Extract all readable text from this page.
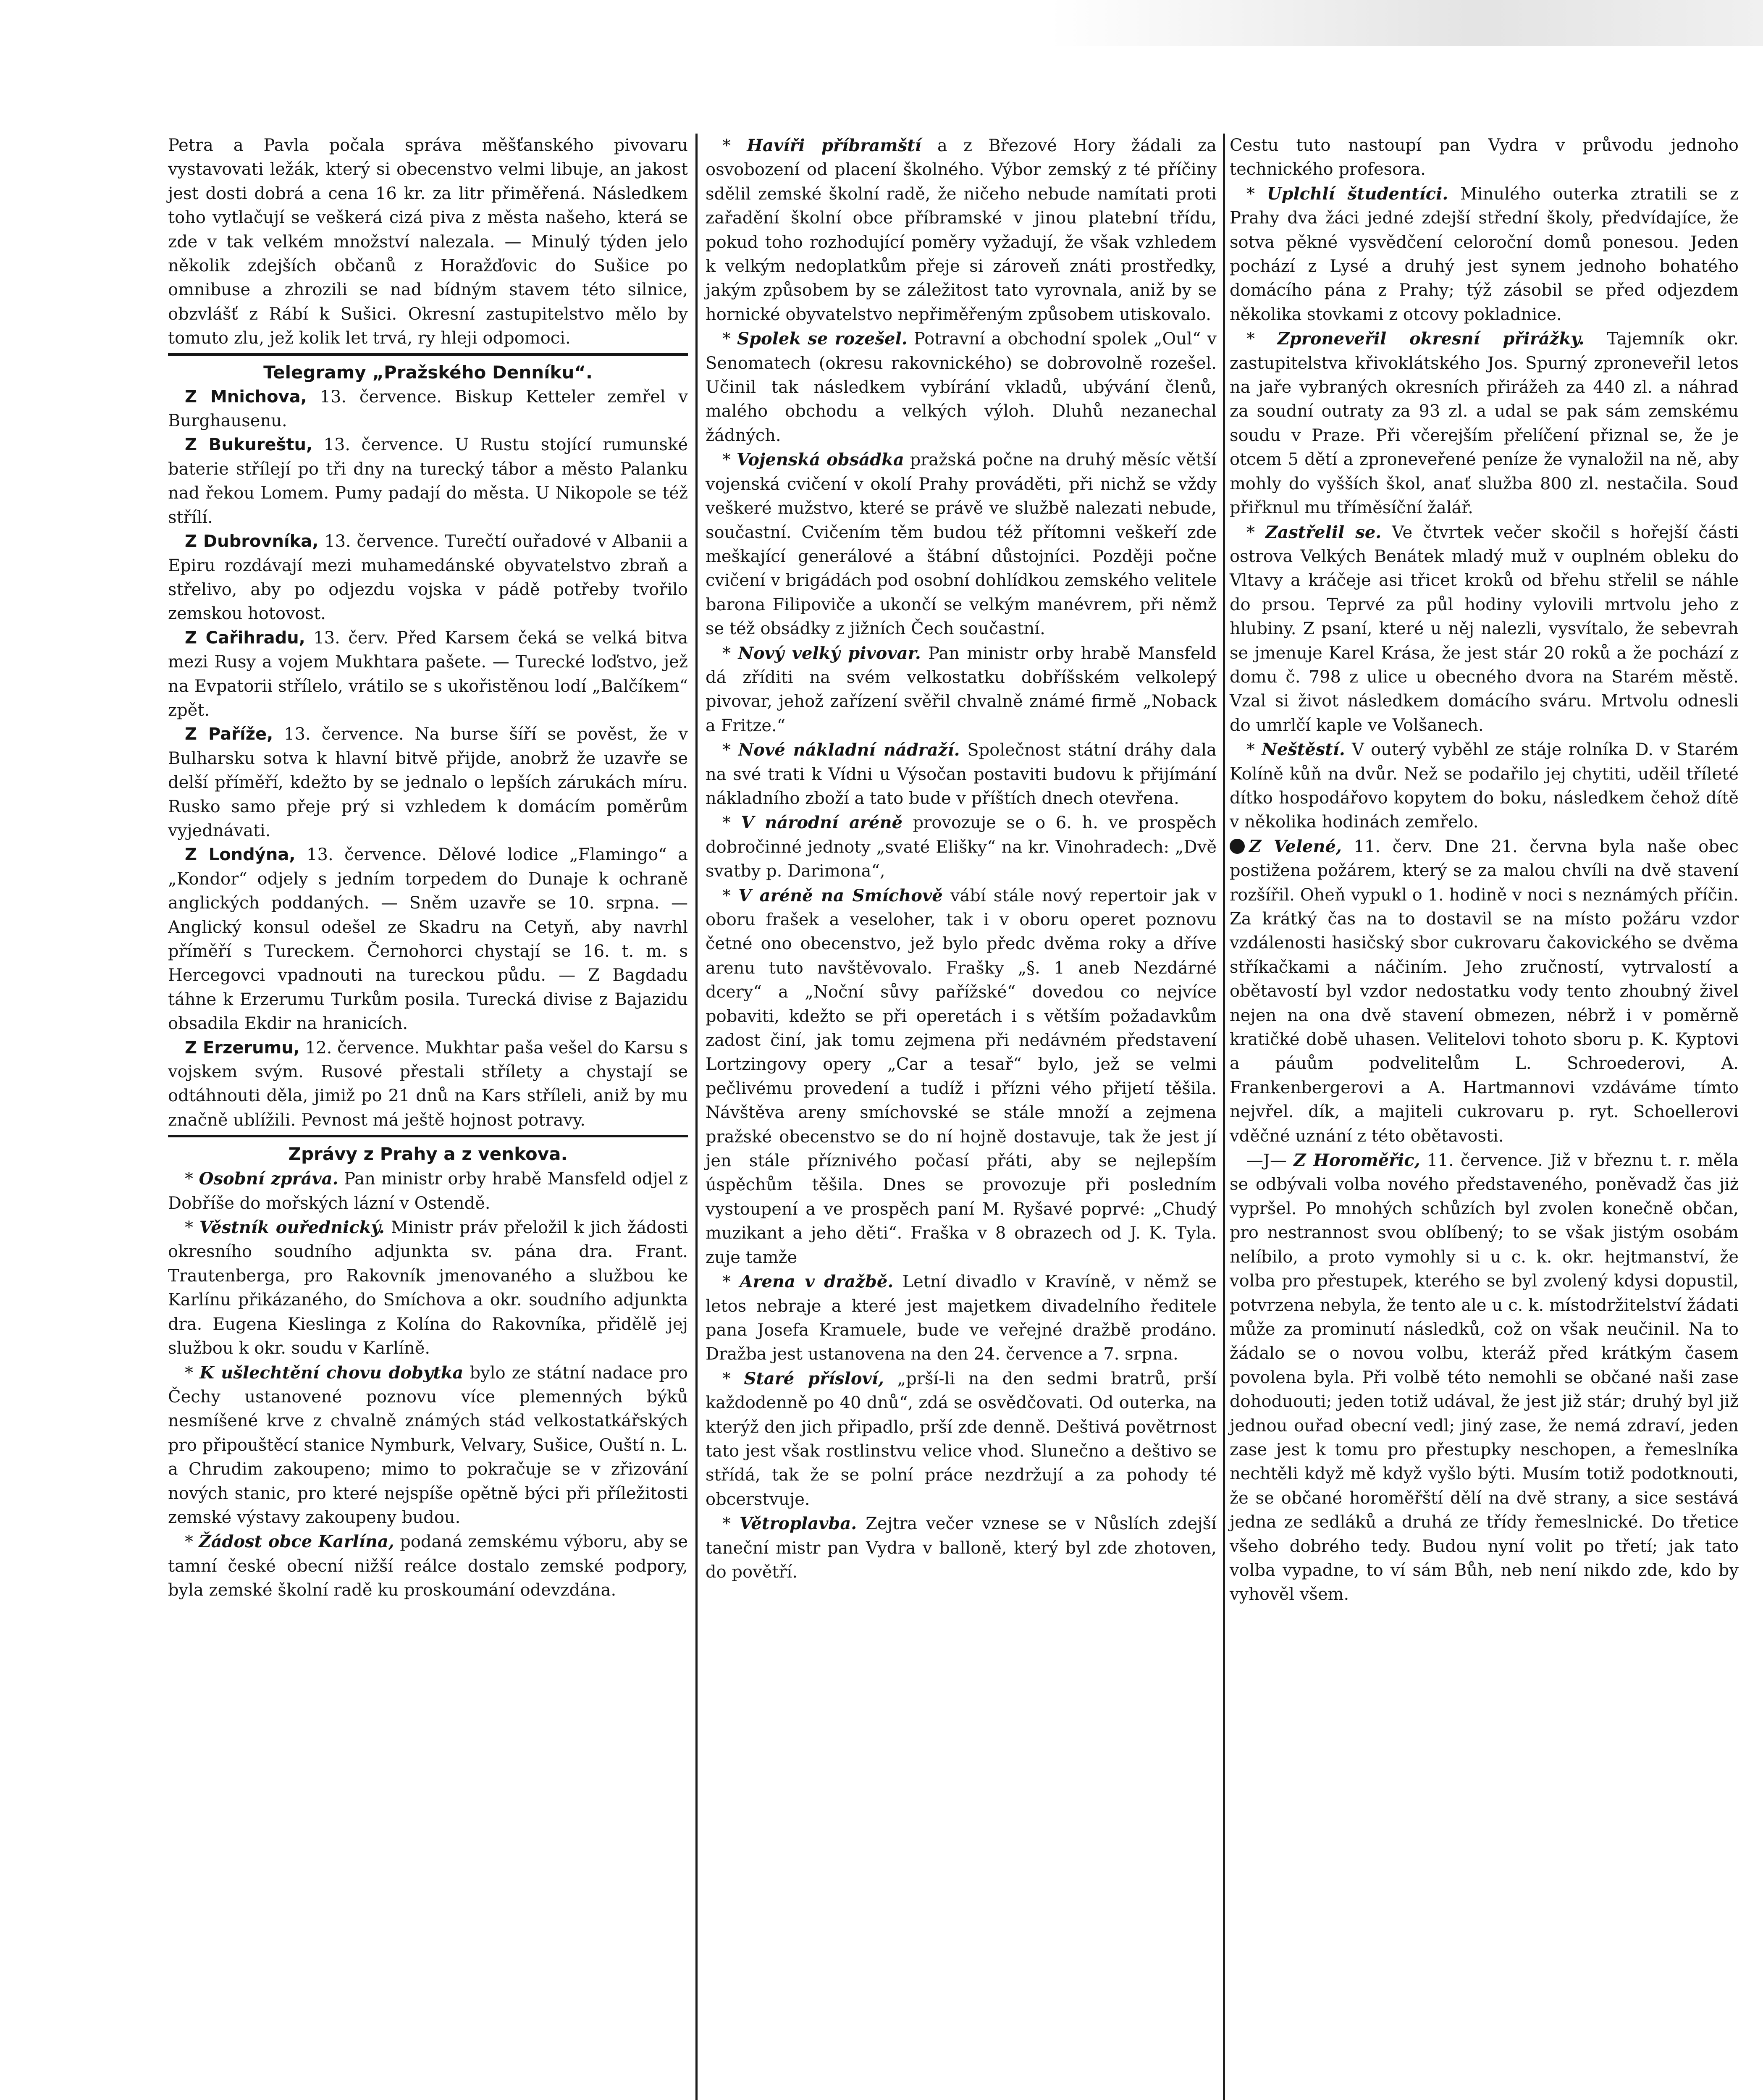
Petra a Pavla počala správa měšťanského pivovaru vystavovati ležák, který si obecenstvo velmi libuje, an jakost jest dosti dobrá a cena 16 kr. za litr přiměřená. Následkem toho vytlačují se veškerá cizá piva z města našeho, která se zde v tak velkém množství nalezala. — Minulý týden jelo několik zdejších občanů z Horažďovic do Sušice po omnibuse a zhrozili se nad bídným stavem této silnice, obzvlášť z Rábí k Sušici. Okresní zastupitelstvo mělo by tomuto zlu, jež kolik let trvá, ry hleji odpomoci.

Telegramy „Pražského Denníku“.

 Z Mnichova, 13. července. Biskup Ketteler zemřel v Burghausenu.

 Z Bukureštu, 13. července. U Rustu stojící rumunské baterie střílejí po tři dny na turecký tábor a město Palanku nad řekou Lomem. Pumy padají do města. U Nikopole se též střílí.

 Z Dubrovníka, 13. července. Turečtí ouřadové v Albanii a Epiru rozdávají mezi muhamedánské obyvatelstvo zbraň a střelivo, aby po odjezdu vojska v pádě potřeby tvořilo zemskou hotovost.

 Z Cařihradu, 13. červ. Před Karsem čeká se velká bitva mezi Rusy a vojem Mukhtara pašete. — Turecké loďstvo, jež na Evpatorii střílelo, vrátilo se s ukořistěnou lodí „Balčíkem“ zpět.

 Z Paříže, 13. července. Na burse šíří se pověst, že v Bulharsku sotva k hlavní bitvě přijde, anobrž že uzavře se delší příměří, kdežto by se jednalo o lepších zárukách míru. Rusko samo přeje prý si vzhledem k domácím poměrům vyjednávati.

 Z Londýna, 13. července. Dělové lodice „Flamingo“ a „Kondor“ odjely s jedním torpedem do Dunaje k ochraně anglických poddaných. — Sněm uzavře se 10. srpna. — Anglický konsul odešel ze Skadru na Cetyň, aby navrhl příměří s Tureckem. Černohorci chystají se 16. t. m. s Hercegovci vpadnouti na tureckou půdu. — Z Bagdadu táhne k Erzerumu Turkům posila. Turecká divise z Bajazidu obsadila Ekdir na hranicích.

 Z Erzerumu, 12. července. Mukhtar paša vešel do Karsu s vojskem svým. Rusové přestali střílety a chystají se odtáhnouti děla, jimiž po 21 dnů na Kars stříleli, aniž by mu značně ublížili. Pevnost má ještě hojnost potravy.

Zprávy z Prahy a z venkova.

 * Osobní zpráva. Pan ministr orby hrabě Mansfeld odjel z Dobříše do mořských lázní v Ostendě.

 * Věstník ouřednický. Ministr práv přeložil k jich žádosti okresního soudního adjunkta sv. pána dra. Frant. Trautenberga, pro Rakovník jmenovaného a službou ke Karlínu přikázaného, do Smíchova a okr. soudního adjunkta dra. Eugena Kieslinga z Kolína do Rakovníka, přidělě jej službou k okr. soudu v Karlíně.

 * K ušlechtění chovu dobytka bylo ze státní nadace pro Čechy ustanovené poznovu více plemenných býků nesmíšené krve z chvalně známých stád velkostatkářských pro připouštěcí stanice Nymburk, Velvary, Sušice, Ouští n. L. a Chrudim zakoupeno; mimo to pokračuje se v zřizování nových stanic, pro které nejspíše opětně býci při příležitosti zemské výstavy zakoupeny budou.

 * Žádost obce Karlína, podaná zemskému výboru, aby se tamní české obecní nižší reálce dostalo zemské podpory, byla zemské školní radě ku proskoumání odevzdána.

 * Havíři příbramští a z Březové Hory žádali za osvobození od placení školného. Výbor zemský z té příčiny sdělil zemské školní radě, že ničeho nebude namítati proti zařadění školní obce příbramské v jinou platební třídu, pokud toho rozhodující poměry vyžadují, že však vzhledem k velkým nedoplatkům přeje si zároveň znáti prostředky, jakým způsobem by se záležitost tato vyrovnala, aniž by se hornické obyvatelstvo nepřiměřeným způsobem utiskovalo.

 * Spolek se rozešel. Potravní a obchodní spolek „Oul“ v Senomatech (okresu rakovnického) se dobrovolně rozešel. Učinil tak následkem vybírání vkladů, ubývání členů, malého obchodu a velkých výloh. Dluhů nezanechal žádných.

 * Vojenská obsádka pražská počne na druhý měsíc větší vojenská cvičení v okolí Prahy prováděti, při nichž se vždy veškeré mužstvo, které se právě ve službě nalezati nebude, součastní. Cvičením těm budou též přítomni veškeří zde meškající generálové a štábní důstojníci. Později počne cvičení v brigádách pod osobní dohlídkou zemského velitele barona Filipoviče a ukončí se velkým manévrem, při němž se též obsádky z jižních Čech součastní.

 * Nový velký pivovar. Pan ministr orby hrabě Mansfeld dá zříditi na svém velkostatku dobříšském velkolepý pivovar, jehož zařízení svěřil chvalně známé firmě „Noback a Fritze.“

 * Nové nákladní nádraží. Společnost státní dráhy dala na své trati k Vídni u Výsočan postaviti budovu k přijímání nákladního zboží a tato bude v příštích dnech otevřena.

 * V národní aréně provozuje se o 6. h. ve prospěch dobročinné jednoty „svaté Elišky“ na kr. Vinohradech: „Dvě svatby p. Darimona“,

 * V aréně na Smíchově vábí stále nový repertoir jak v oboru frašek a veseloher, tak i v oboru operet poznovu četné ono obecenstvo, jež bylo předc dvěma roky a dříve arenu tuto navštěvovalo. Frašky „§. 1 aneb Nezdárné dcery“ a „Noční sůvy pařížské“ dovedou co nejvíce pobaviti, kdežto se při operetách i s větším požadavkům zadost činí, jak tomu zejmena při nedávném představení Lortzingovy opery „Car a tesař“ bylo, jež se velmi pečlivému provedení a tudíž i přízni vého přijetí těšila. Návštěva areny smíchovské se stále množí a zejmena pražské obecenstvo se do ní hojně dostavuje, tak že jest jí jen stále příznivého počasí přáti, aby se nejlepším úspěchům těšila. Dnes se provozuje při posledním vystoupení a ve prospěch paní M. Ryšavé poprvé: „Chudý muzikant a jeho děti“. Fraška v 8 obrazech od J. K. Tyla. zuje tamže

 * Arena v dražbě. Letní divadlo v Kravíně, v němž se letos nebraje a které jest majetkem divadelního ředitele pana Josefa Kramuele, bude ve veřejné dražbě prodáno. Dražba jest ustanovena na den 24. července a 7. srpna.

 * Staré přísloví, „prší-li na den sedmi bratrů, prší každodenně po 40 dnů“, zdá se osvědčovati. Od outerka, na kterýž den jich připadlo, prší zde denně. Deštivá povětrnost tato jest však rostlinstvu velice vhod. Slunečno a deštivo se střídá, tak že se polní práce nezdržují a za pohody té obcerstvuje.

 * Větroplavba. Zejtra večer vznese se v Nůslích zdejší taneční mistr pan Vydra v balloně, který byl zde zhotoven, do povětří.

Cestu tuto nastoupí pan Vydra v průvodu jednoho technického profesora.

 * Uplchlí študentíci. Minulého outerka ztratili se z Prahy dva žáci jedné zdejší střední školy, předvídajíce, že sotva pěkné vysvědčení celoroční domů ponesou. Jeden pochází z Lysé a druhý jest synem jednoho bohatého domácího pána z Prahy; týž zásobil se před odjezdem několika stovkami z otcovy pokladnice.

 * Zproneveřil okresní přirážky. Tajemník okr. zastupitelstva křivoklátského Jos. Spurný zproneveřil letos na jaře vybraných okresních přirážeh za 440 zl. a náhrad za soudní outraty za 93 zl. a udal se pak sám zemskému soudu v Praze. Při včerejším přelíčení přiznal se, že je otcem 5 dětí a zproneveřené peníze že vynaložil na ně, aby mohly do vyšších škol, anať služba 800 zl. nestačila. Soud přiřknul mu tříměsíční žalář.

 * Zastřelil se. Ve čtvrtek večer skočil s hořejší části ostrova Velkých Benátek mladý muž v ouplném obleku do Vltavy a kráčeje asi třicet kroků od břehu střelil se náhle do prsou. Teprvé za půl hodiny vylovili mrtvolu jeho z hlubiny. Z psaní, které u něj nalezli, vysvítalo, že sebevrah se jmenuje Karel Krása, že jest stár 20 roků a že pochází z domu č. 798 z ulice u obecného dvora na Starém městě. Vzal si život následkem domácího sváru. Mrtvolu odnesli do umrlčí kaple ve Volšanech.

 * Neštěstí. V outerý vyběhl ze stáje rolníka D. v Starém Kolíně kůň na dvůr. Než se podařilo jej chytiti, uděil tříleté dítko hospodářovo kopytem do boku, následkem čehož dítě v několika hodinách zemřelo.

Z Velené, 11. červ. Dne 21. června byla naše obec postižena požárem, který se za malou chvíli na dvě stavení rozšířil. Oheň vypukl o 1. hodině v noci s neznámých příčin. Za krátký čas na to dostavil se na místo požáru vzdor vzdálenosti hasičský sbor cukrovaru čakovického se dvěma stříkačkami a náčiním. Jeho zručností, vytrvalostí a obětavostí byl vzdor nedostatku vody tento zhoubný živel nejen na ona dvě stavení obmezen, nébrž i v poměrně kratičké době uhasen. Velitelovi tohoto sboru p. K. Kyptovi a páuům podvelitelům L. Schroederovi, A. Frankenbergerovi a A. Hartmannovi vzdáváme tímto nejvřel. dík, a majiteli cukrovaru p. ryt. Schoellerovi vděčné uznání z této obětavosti.

 —J— Z Horoměřic, 11. července. Již v březnu t. r. měla se odbývali volba nového představeného, poněvadž čas jiż vypršel. Po mnohých schůzích byl zvolen konečně občan, pro nestrannost svou oblíbený; to se však jistým osobám nelíbilo, a proto vymohly si u c. k. okr. hejtmanství, že volba pro přestupek, kterého se byl zvolený kdysi dopustil, potvrzena nebyla, že tento ale u c. k. místodržitelství žádati může za prominutí následků, což on však neučinil. Na to žádalo se o novou volbu, kteráž před krátkým časem povolena byla. Při volbě této nemohli se občané naši zase dohoduouti; jeden totiž udával, že jest již stár; druhý byl již jednou ouřad obecní vedl; jiný zase, že nemá zdraví, jeden zase jest k tomu pro přestupky neschopen, a řemeslníka nechtěli když mě když vyšlo býti. Musím totiž podotknouti, že se občané horoměřští dělí na dvě strany, a sice sestává jedna ze sedláků a druhá ze třídy řemeslnické. Do třetice všeho dobrého tedy. Budou nyní volit po třetí; jak tato volba vypadne, to ví sám Bůh, neb není nikdo zde, kdo by vyhověl všem.
